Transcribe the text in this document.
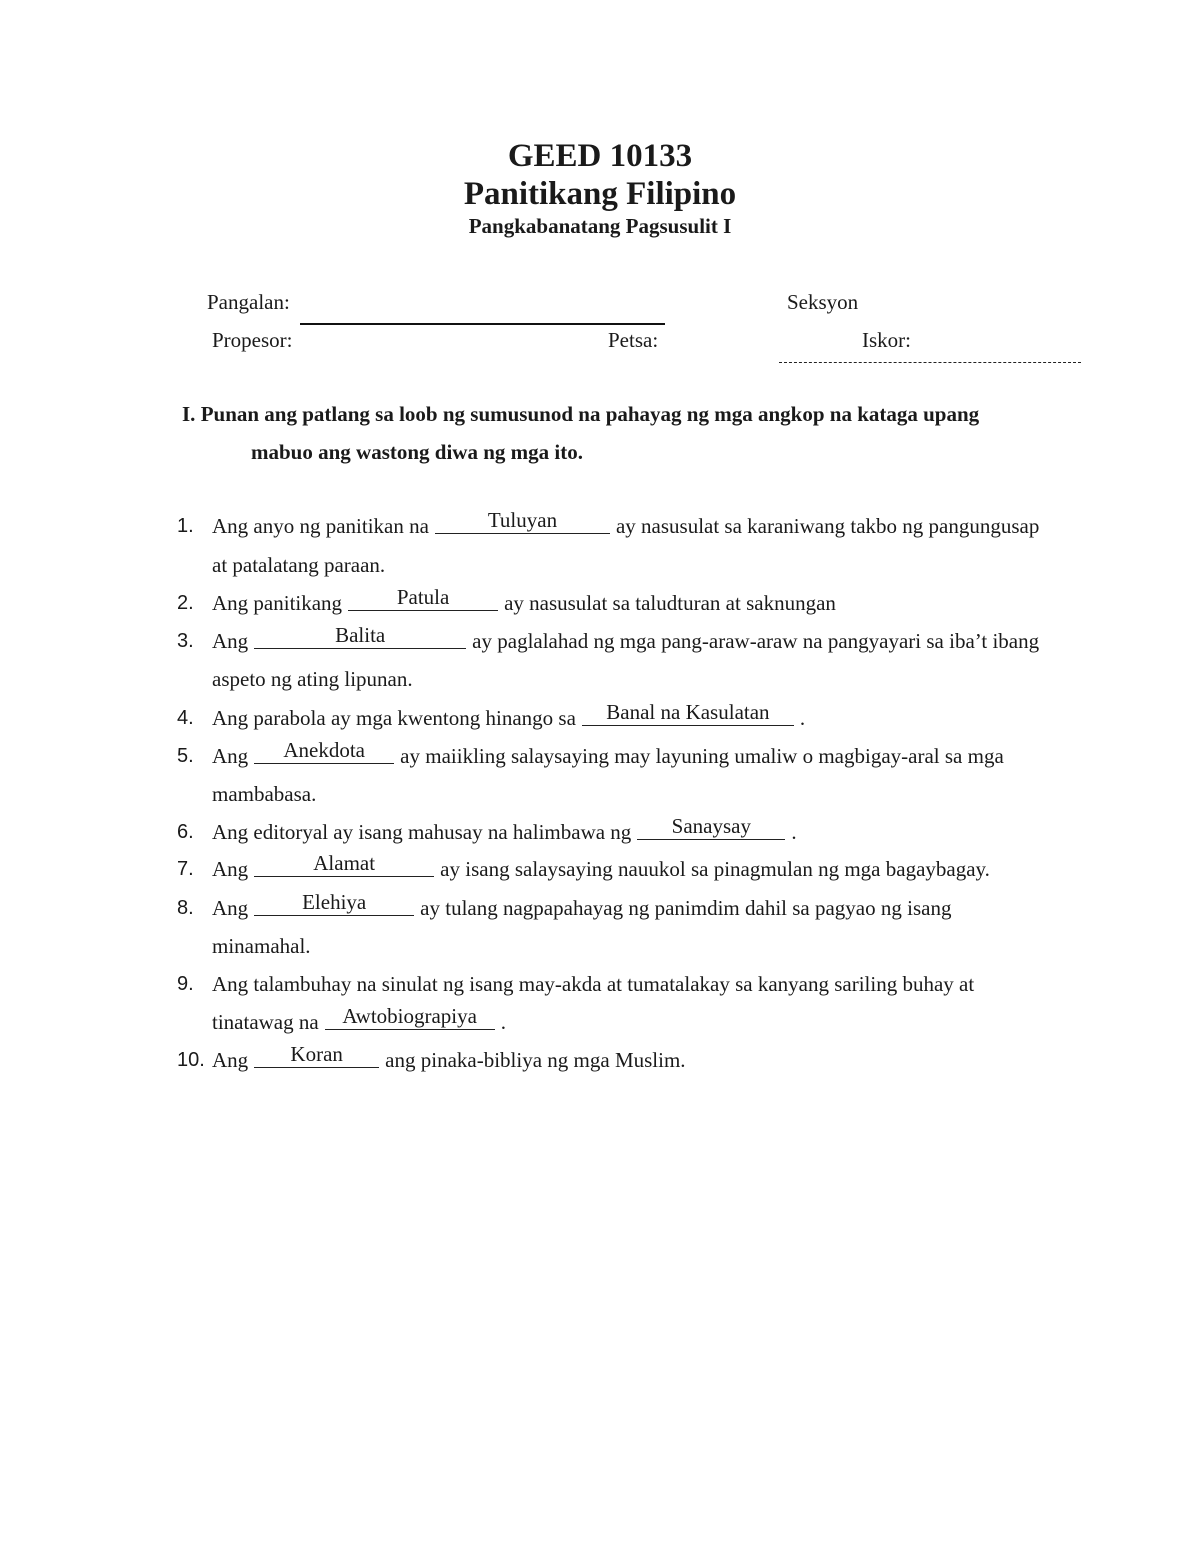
GEED 10133
Panitikang Filipino
Pangkabanatang Pagsusulit I
Pangalan:
	Seksyon

Propesor:
	Petsa:
	Iskor:
I. Punan ang patlang sa loob ng sumusunod na pahayag ng mga angkop na kataga upang
mabuo ang wastong diwa ng mga ito.
1. Ang anyo ng panitikan na	Tuluyan	ay nasusulat sa karaniwang takbo ng pangungusap
at patalatang paraan.
2. Ang panitikang	Patula	ay nasusulat sa taludturan at saknungan
3. Ang	Balita	ay paglalahad ng mga pang-araw-araw na pangyayari sa iba’t ibang
aspeto ng ating lipunan.
4. Ang parabola ay mga kwentong hinango sa Banal na Kasulatan .
5. Ang Anekdota ay maiikling salaysaying may layuning umaliw o magbigay-aral sa mga
mambabasa.
6. Ang editoryal ay isang mahusay na halimbawa ng Sanaysay .
7. Ang	Alamat	ay isang salaysaying nauukol sa pinagmulan ng mga bagaybagay.
8. Ang	Elehiya	ay tulang nagpapahayag ng panimdim dahil sa pagyao ng isang
minamahal.
9. Ang talambuhay na sinulat ng isang may-akda at tumatalakay sa kanyang sariling buhay at
tinatawag na Awtobiograpiya .
10. Ang Koran ang pinaka-bibliya ng mga Muslim.
